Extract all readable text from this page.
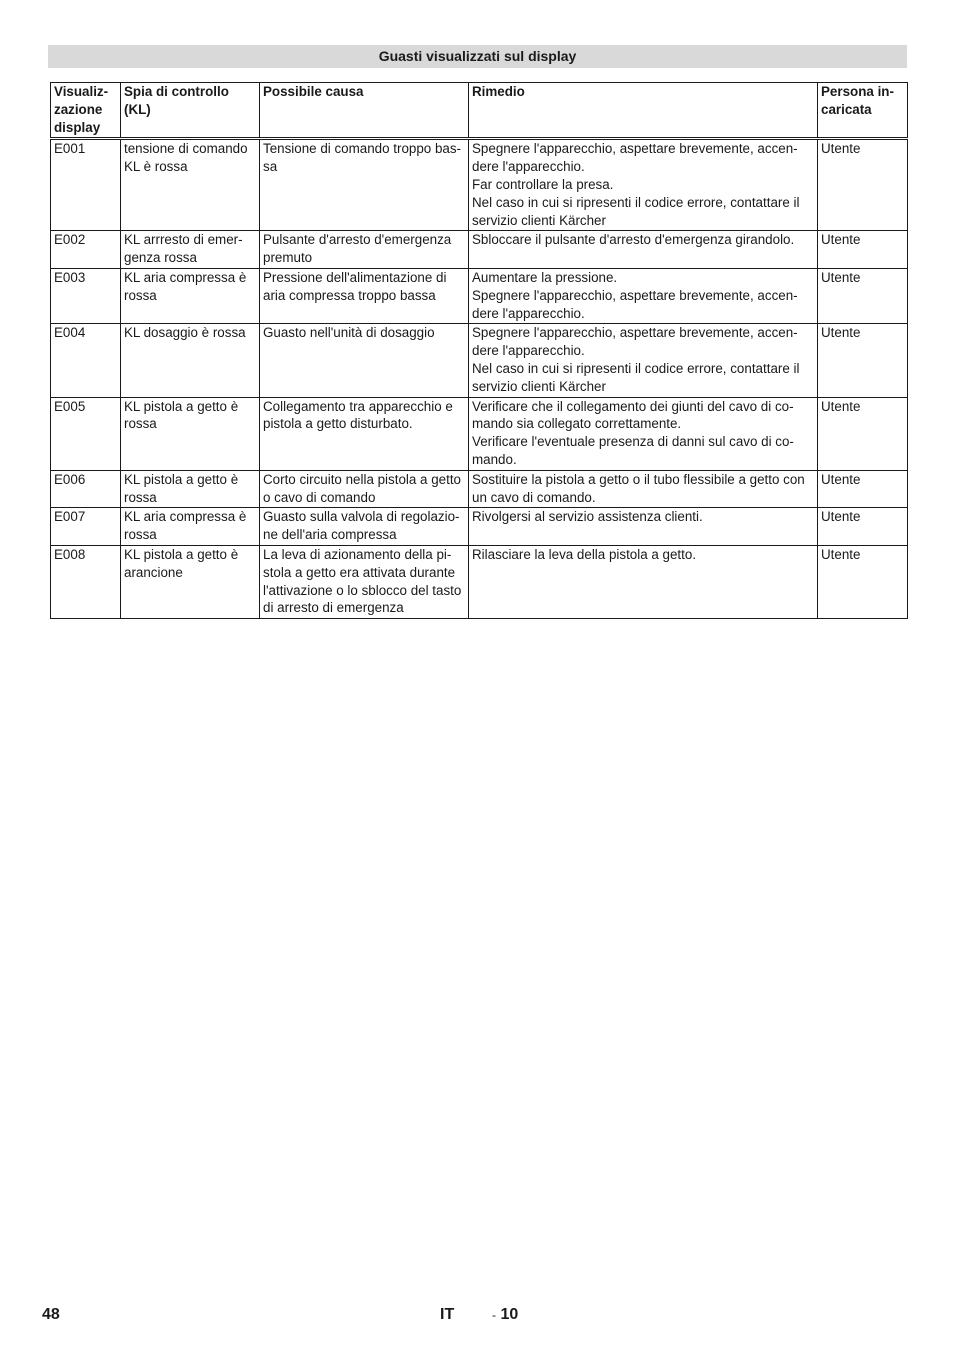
Guasti visualizzati sul display
Visualiz-
zazione
display	Spia di controllo
(KL)	Possibile causa	Rimedio	Persona in-
caricata

E001	tensione di comando
KL è rossa	Tensione di comando troppo bas-
sa	Spegnere l'apparecchio, aspettare brevemente, accen-
dere l'apparecchio.
Far controllare la presa.
Nel caso in cui si ripresenti il codice errore, contattare il
servizio clienti Kärcher	Utente

E002	KL arrresto di emer-
genza rossa	Pulsante d'arresto d'emergenza
premuto	Sbloccare il pulsante d'arresto d'emergenza girandolo.	Utente

E003	KL aria compressa è
rossa	Pressione dell'alimentazione di
aria compressa troppo bassa	Aumentare la pressione.
Spegnere l'apparecchio, aspettare brevemente, accen-
dere l'apparecchio.	Utente

E004	KL dosaggio è rossa	Guasto nell'unità di dosaggio	Spegnere l'apparecchio, aspettare brevemente, accen-
dere l'apparecchio.
Nel caso in cui si ripresenti il codice errore, contattare il
servizio clienti Kärcher	Utente

E005	KL pistola a getto è
rossa	Collegamento tra apparecchio e
pistola a getto disturbato.	Verificare che il collegamento dei giunti del cavo di co-
mando sia collegato correttamente.
Verificare l'eventuale presenza di danni sul cavo di co-
mando.	Utente

E006	KL pistola a getto è
rossa	Corto circuito nella pistola a getto
o cavo di comando	Sostituire la pistola a getto o il tubo flessibile a getto con
un cavo di comando.	Utente

E007	KL aria compressa è
rossa	Guasto sulla valvola di regolazio-
ne dell'aria compressa	Rivolgersi al servizio assistenza clienti.	Utente

E008	KL pistola a getto è
arancione	La leva di azionamento della pi-
stola a getto era attivata durante
l'attivazione o lo sblocco del tasto
di arresto di emergenza	Rilasciare la leva della pistola a getto.	Utente
48	IT	- 10
